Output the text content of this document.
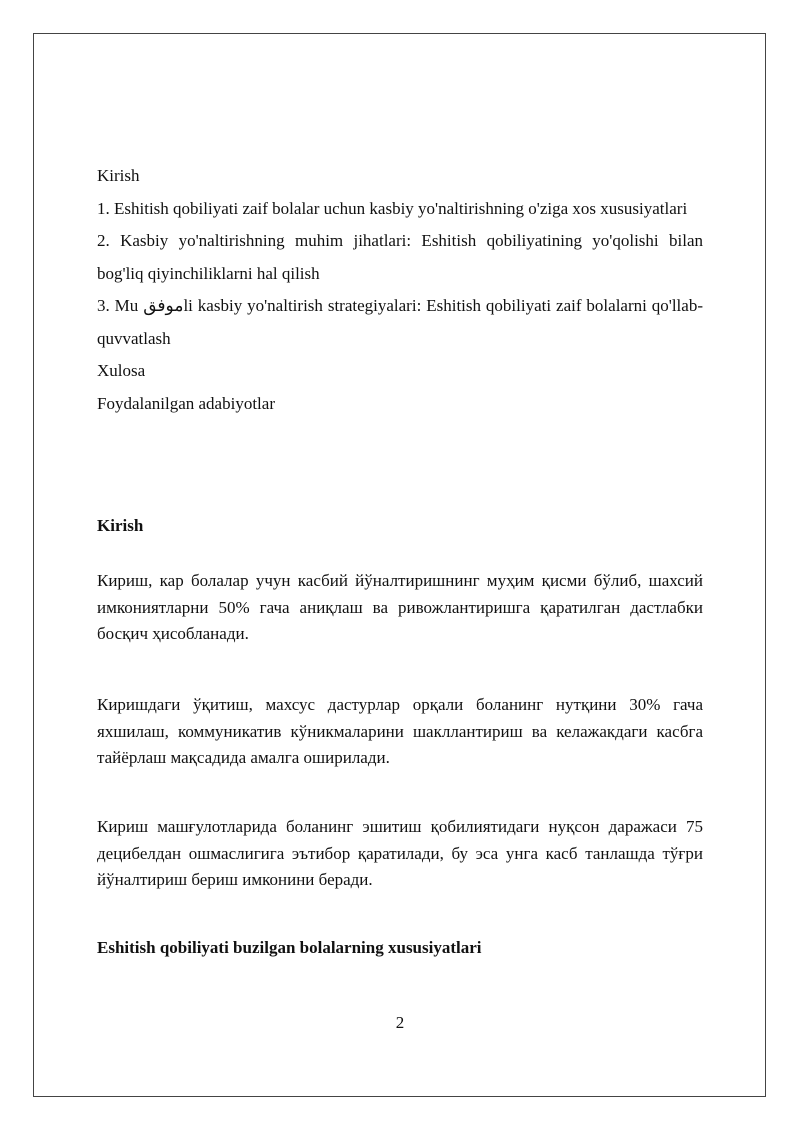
Kirish

1. Eshitish qobiliyati zaif bolalar uchun kasbiy yo'naltirishning o'ziga xos xususiyatlari

2. Kasbiy yo'naltirishning muhim jihatlari: Eshitish qobiliyatining yo'qolishi bilan bog'liq qiyinchiliklarni hal qilish

3. Mu موفقli kasbiy yo'naltirish strategiyalari: Eshitish qobiliyati zaif bolalarni qo'llab-quvvatlash

Xulosa

Foydalanilgan adabiyotlar

Kirish

Кириш, кар болалар учун касбий йўналтиришнинг муҳим қисми бўлиб, шахсий имкониятларни 50% гача аниқлаш ва ривожлантиришга қаратилган дастлабки босқич ҳисобланади.

Киришдаги ўқитиш, махсус дастурлар орқали боланинг нутқини 30% гача яхшилаш, коммуникатив кўникмаларини шакллантириш ва келажакдаги касбга тайёрлаш мақсадида амалга оширилади.

Кириш машғулотларида боланинг эшитиш қобилиятидаги нуқсон даражаси 75 децибелдан ошмаслигига эътибор қаратилади, бу эса унга касб танлашда тўғри йўналтириш бериш имконини беради.

Eshitish qobiliyati buzilgan bolalarning xususiyatlari
2
